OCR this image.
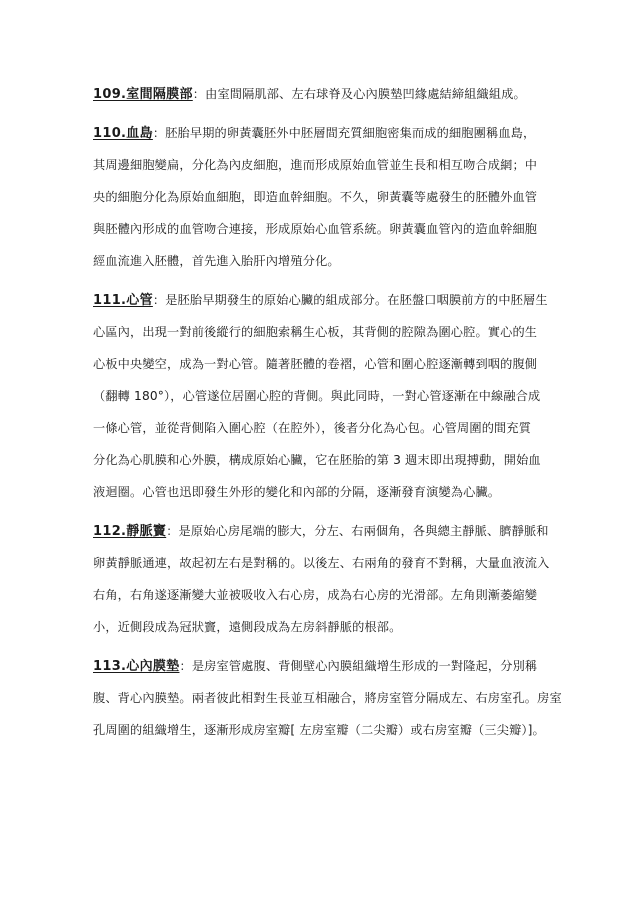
109.室間隔膜部：由室間隔肌部、左右球脊及心內膜墊凹緣處結締組織組成。
110.血島：胚胎早期的卵黃囊胚外中胚層間充質細胞密集而成的細胞團稱血島，
其周邊細胞變扁，分化為內皮細胞，進而形成原始血管並生長和相互吻合成網；中
央的細胞分化為原始血細胞，即造血幹細胞。不久，卵黃囊等處發生的胚體外血管
與胚體內形成的血管吻合連接，形成原始心血管系統。卵黃囊血管內的造血幹細胞
經血流進入胚體，首先進入胎肝內增殖分化。
111.心管：是胚胎早期發生的原始心臟的組成部分。在胚盤口咽膜前方的中胚層生
心區內，出現一對前後縱行的細胞索稱生心板，其背側的腔隙為圍心腔。實心的生
心板中央變空，成為一對心管。隨著胚體的卷褶，心管和圍心腔逐漸轉到咽的腹側
（翻轉 180°），心管遂位居圍心腔的背側。與此同時，一對心管逐漸在中線融合成
一條心管，並從背側陷入圍心腔（在腔外），後者分化為心包。心管周圍的間充質
分化為心肌膜和心外膜，構成原始心臟，它在胚胎的第 3 週末即出現搏動，開始血
液迴圈。心管也迅即發生外形的變化和內部的分隔，逐漸發育演變為心臟。
112.靜脈竇：是原始心房尾端的膨大，分左、右兩個角，各與總主靜脈、臍靜脈和
卵黃靜脈通連，故起初左右是對稱的。以後左、右兩角的發育不對稱，大量血液流入
右角，右角遂逐漸變大並被吸收入右心房，成為右心房的光滑部。左角則漸萎縮變
小，近側段成為冠狀竇，遠側段成為左房斜靜脈的根部。
113.心內膜墊：是房室管處腹、背側壁心內膜組織增生形成的一對隆起，分別稱
腹、背心內膜墊。兩者彼此相對生長並互相融合，將房室管分隔成左、右房室孔。房室
孔周圍的組織增生，逐漸形成房室瓣[ 左房室瓣（二尖瓣）或右房室瓣（三尖瓣）]。
